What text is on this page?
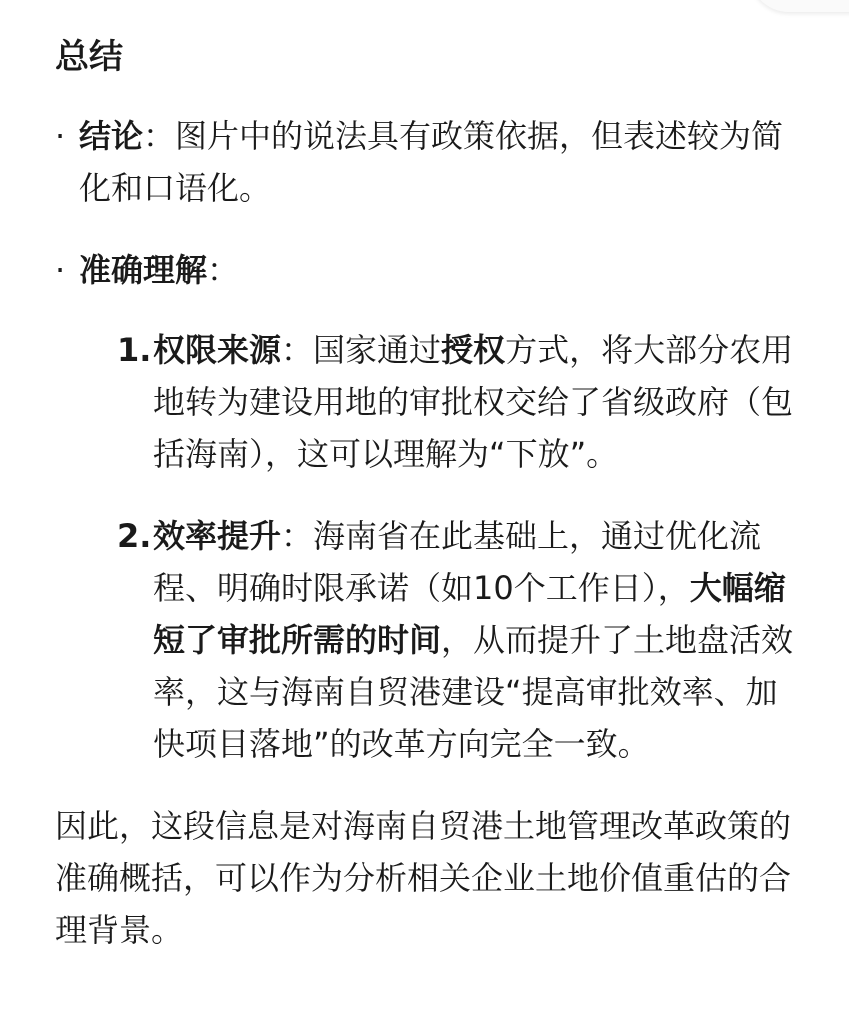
总结
· 结论：图片中的说法具有政策依据，但表述较为简化和口语化。
· 准确理解：
1. 权限来源：国家通过授权方式，将大部分农用地转为建设用地的审批权交给了省级政府（包括海南），这可以理解为“下放”。
2. 效率提升：海南省在此基础上，通过优化流程、明确时限承诺（如10个工作日），大幅缩短了审批所需的时间，从而提升了土地盘活效率，这与海南自贸港建设“提高审批效率、加快项目落地”的改革方向完全一致。
因此，这段信息是对海南自贸港土地管理改革政策的准确概括，可以作为分析相关企业土地价值重估的合理背景。
